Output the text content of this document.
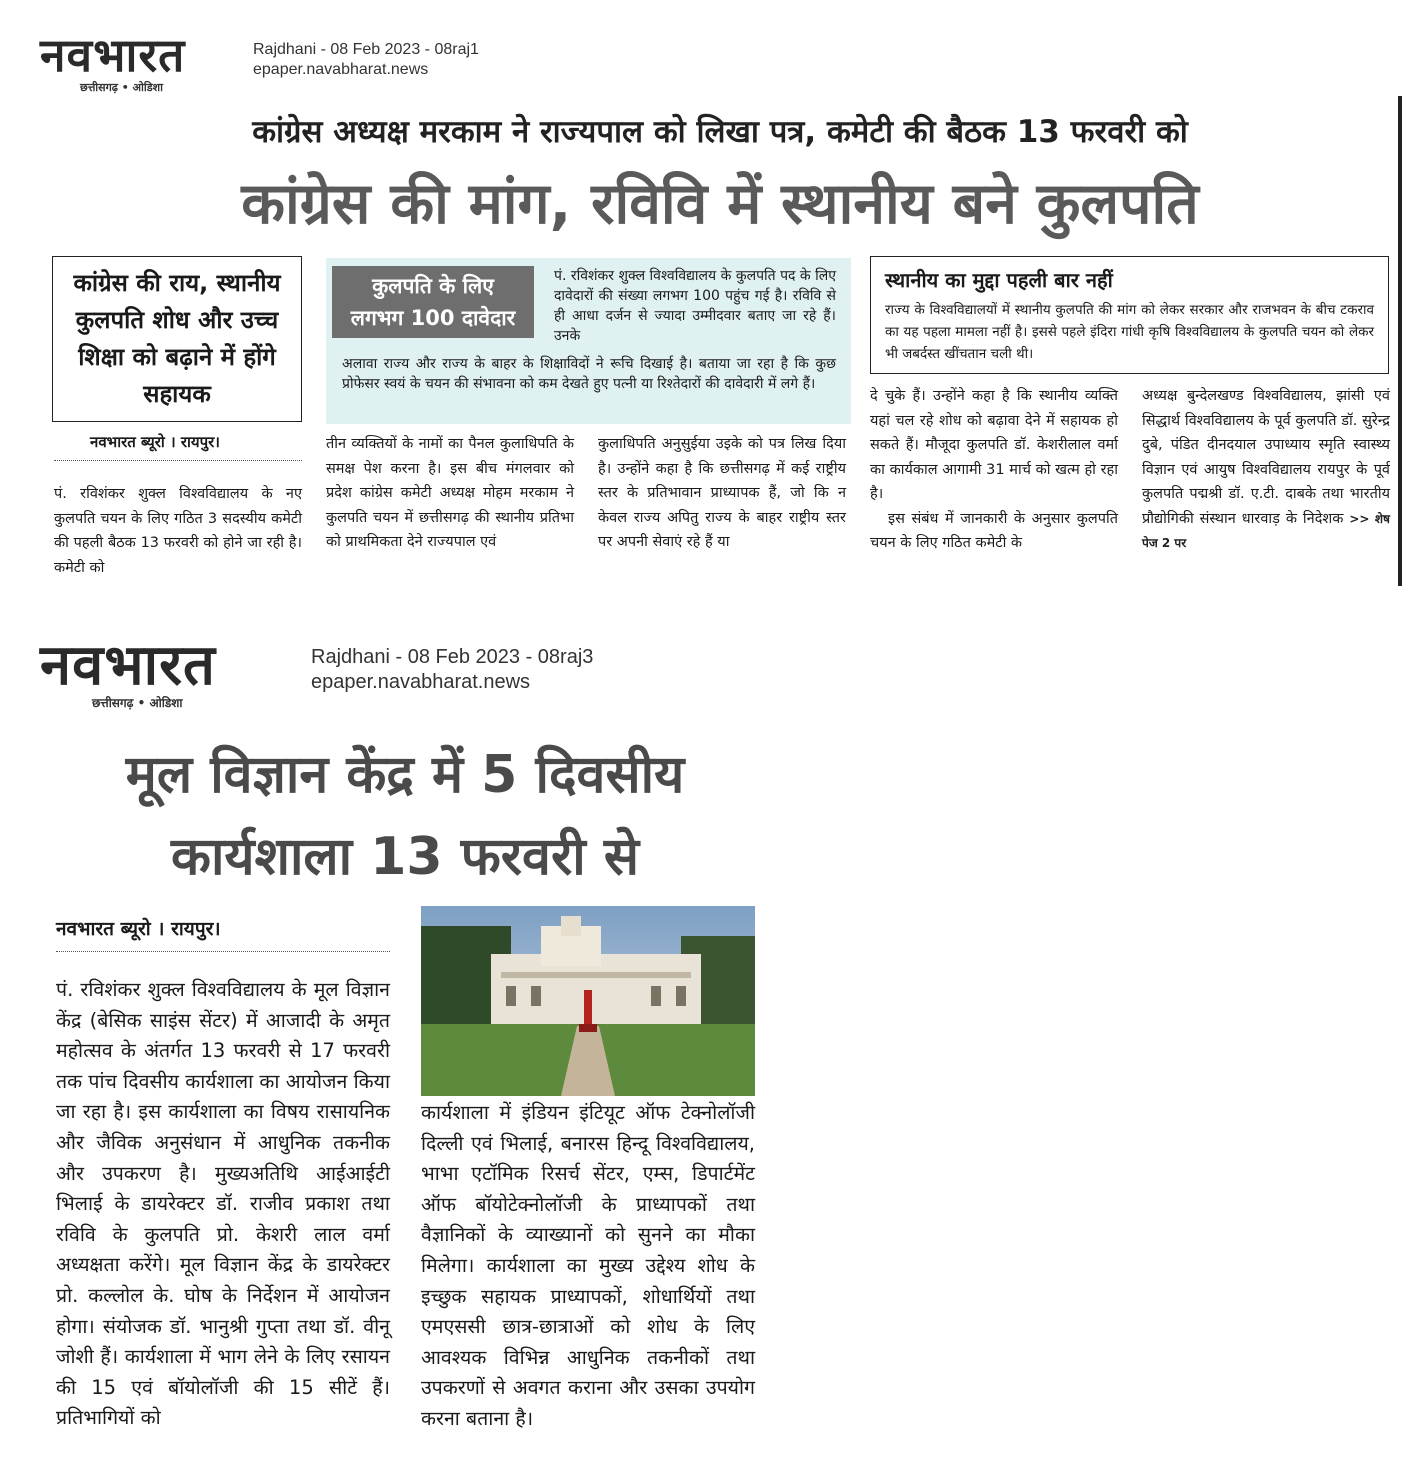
नवभारत
छत्तीसगढ़ • ओडिशा
Rajdhani - 08 Feb 2023 - 08raj1
epaper.navabharat.news
कांग्रेस अध्यक्ष मरकाम ने राज्यपाल को लिखा पत्र, कमेटी की बैठक 13 फरवरी को
कांग्रेस की मांग, रविवि में स्थानीय बने कुलपति
कांग्रेस की राय, स्थानीय कुलपति शोध और उच्च शिक्षा को बढ़ाने में होंगे सहायक
नवभारत ब्यूरो । रायपुर।
कुलपति के लिए
लगभग 100 दावेदार
पं. रविशंकर शुक्ल विश्वविद्यालय के कुलपति पद के लिए दावेदारों की संख्या लगभग 100 पहुंच गई है। रविवि से ही आधा दर्जन से ज्यादा उम्मीदवार बताए जा रहे हैं। उनके
अलावा राज्य और राज्य के बाहर के शिक्षाविदों ने रूचि दिखाई है। बताया जा रहा है कि कुछ प्रोफेसर स्वयं के चयन की संभावना को कम देखते हुए पत्नी या रिश्तेदारों की दावेदारी में लगे हैं।
स्थानीय का मुद्दा पहली बार नहीं
राज्य के विश्वविद्यालयों में स्थानीय कुलपति की मांग को लेकर सरकार और राजभवन के बीच टकराव का यह पहला मामला नहीं है। इससे पहले इंदिरा गांधी कृषि विश्वविद्यालय के कुलपति चयन को लेकर भी जबर्दस्त खींचतान चली थी।
पं. रविशंकर शुक्ल विश्वविद्यालय के नए कुलपति चयन के लिए गठित 3 सदस्यीय कमेटी की पहली बैठक 13 फरवरी को होने जा रही है। कमेटी को
तीन व्यक्तियों के नामों का पैनल कुलाधिपति के समक्ष पेश करना है। इस बीच मंगलवार को प्रदेश कांग्रेस कमेटी अध्यक्ष मोहम मरकाम ने कुलपति चयन में छत्तीसगढ़ की स्थानीय प्रतिभा को प्राथमिकता देने राज्यपाल एवं
कुलाधिपति अनुसुईया उइके को पत्र लिख दिया है। उन्होंने कहा है कि छत्तीसगढ़ में कई राष्ट्रीय स्तर के प्रतिभावान प्राध्यापक हैं, जो कि न केवल राज्य अपितु राज्य के बाहर राष्ट्रीय स्तर पर अपनी सेवाएं रहे हैं या
दे चुके हैं। उन्होंने कहा है कि स्थानीय व्यक्ति यहां चल रहे शोध को बढ़ावा देने में सहायक हो सकते हैं। मौजूदा कुलपति डॉ. केशरीलाल वर्मा का कार्यकाल आगामी 31 मार्च को खत्म हो रहा है।
इस संबंध में जानकारी के अनुसार कुलपति चयन के लिए गठित कमेटी के
अध्यक्ष बुन्देलखण्ड विश्वविद्यालय, झांसी एवं सिद्धार्थ विश्वविद्यालय के पूर्व कुलपति डॉ. सुरेन्द्र दुबे, पंडित दीनदयाल उपाध्याय स्मृति स्वास्थ्य विज्ञान एवं आयुष विश्वविद्यालय रायपुर के पूर्व कुलपति पद्मश्री डॉ. ए.टी. दाबके तथा भारतीय प्रौद्योगिकी संस्थान धारवाड़ के निदेशक >> शेष पेज 2 पर
नवभारत
छत्तीसगढ़ • ओडिशा
Rajdhani - 08 Feb 2023 - 08raj3
epaper.navabharat.news
मूल विज्ञान केंद्र में 5 दिवसीय
कार्यशाला 13 फरवरी से
नवभारत ब्यूरो । रायपुर।
पं. रविशंकर शुक्ल विश्वविद्यालय के मूल विज्ञान केंद्र (बेसिक साइंस सेंटर) में आजादी के अमृत महोत्सव के अंतर्गत 13 फरवरी से 17 फरवरी तक पांच दिवसीय कार्यशाला का आयोजन किया जा रहा है। इस कार्यशाला का विषय रासायनिक और जैविक अनुसंधान में आधुनिक तकनीक और उपकरण है। मुख्यअतिथि आईआईटी भिलाई के डायरेक्टर डॉ. राजीव प्रकाश तथा रविवि के कुलपति प्रो. केशरी लाल वर्मा अध्यक्षता करेंगे। मूल विज्ञान केंद्र के डायरेक्टर प्रो. कल्लोल के. घोष के निर्देशन में आयोजन होगा। संयोजक डॉ. भानुश्री गुप्ता तथा डॉ. वीनू जोशी हैं। कार्यशाला में भाग लेने के लिए रसायन की 15 एवं बॉयोलॉजी की 15 सीटें हैं। प्रतिभागियों को
कार्यशाला में इंडियन इंटियूट ऑफ टेक्नोलॉजी दिल्ली एवं भिलाई, बनारस हिन्दू विश्वविद्यालय, भाभा एटॉमिक रिसर्च सेंटर, एम्स, डिपार्टमेंट ऑफ बॉयोटेक्नोलॉजी के प्राध्यापकों तथा वैज्ञानिकों के व्याख्यानों को सुनने का मौका मिलेगा। कार्यशाला का मुख्य उद्देश्य शोध के इच्छुक सहायक प्राध्यापकों, शोधार्थियों तथा एमएससी छात्र-छात्राओं को शोध के लिए आवश्यक विभिन्न आधुनिक तकनीकों तथा उपकरणों से अवगत कराना और उसका उपयोग करना बताना है।
